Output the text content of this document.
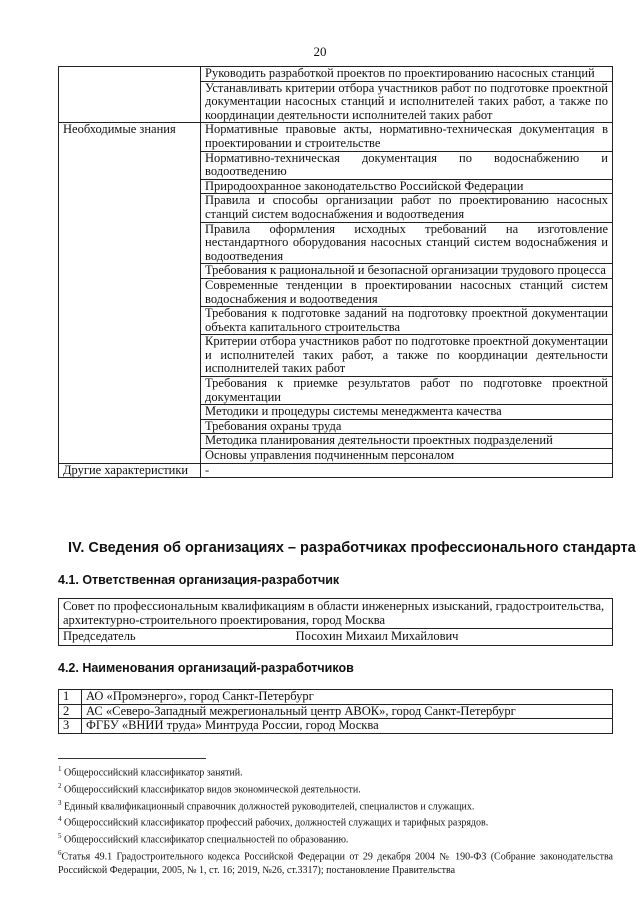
20
	Руководить разработкой проектов по проектированию насосных станций
	Устанавливать критерии отбора участников работ по подготовке проектной документации насосных станций и исполнителей таких работ, а также по координации деятельности исполнителей таких работ
Необходимые знания	Нормативные правовые акты, нормативно-техническая документация в проектировании и строительстве
	Нормативно-техническая документация по водоснабжению и водоотведению
	Природоохранное законодательство Российской Федерации
	Правила и способы организации работ по проектированию насосных станций систем водоснабжения и водоотведения
	Правила оформления исходных требований на изготовление нестандартного оборудования насосных станций систем водоснабжения и водоотведения
	Требования к рациональной и безопасной организации трудового процесса
	Современные тенденции в проектировании насосных станций систем водоснабжения и водоотведения
	Требования к подготовке заданий на подготовку проектной документации объекта капитального строительства
	Критерии отбора участников работ по подготовке проектной документации и исполнителей таких работ, а также по координации деятельности исполнителей таких работ
	Требования к приемке результатов работ по подготовке проектной документации
	Методики и процедуры системы менеджмента качества
	Требования охраны труда
	Методика планирования деятельности проектных подразделений
	Основы управления подчиненным персоналом
Другие характеристики	-
IV. Сведения об организациях – разработчиках профессионального стандарта
4.1. Ответственная организация-разработчик
Совет по профессиональным квалификациям в области инженерных изысканий, градостроительства, архитектурно-строительного проектирования, город Москва
Председатель	Посохин Михаил Михайлович
4.2. Наименования организаций-разработчиков
1	АО «Промэнерго», город Санкт-Петербург
2	АС «Северо-Западный межрегиональный центр АВОК», город Санкт-Петербург
3	ФГБУ «ВНИИ труда» Минтруда России, город Москва

$^1$ Общероссийский классификатор занятий.

$^2$ Общероссийский классификатор видов экономической деятельности.

$^3$ Единый квалификационный справочник должностей руководителей, специалистов и служащих.

$^4$ Общероссийский классификатор профессий рабочих, должностей служащих и тарифных разрядов.

$^5$ Общероссийский классификатор специальностей по образованию.

$^6$Статья 49.1 Градостроительного кодекса Российской Федерации от 29 декабря 2004 № 190-ФЗ (Собрание законодательства Российской Федерации, 2005, № 1, ст. 16; 2019, №26, ст.3317); постановление Правительства
